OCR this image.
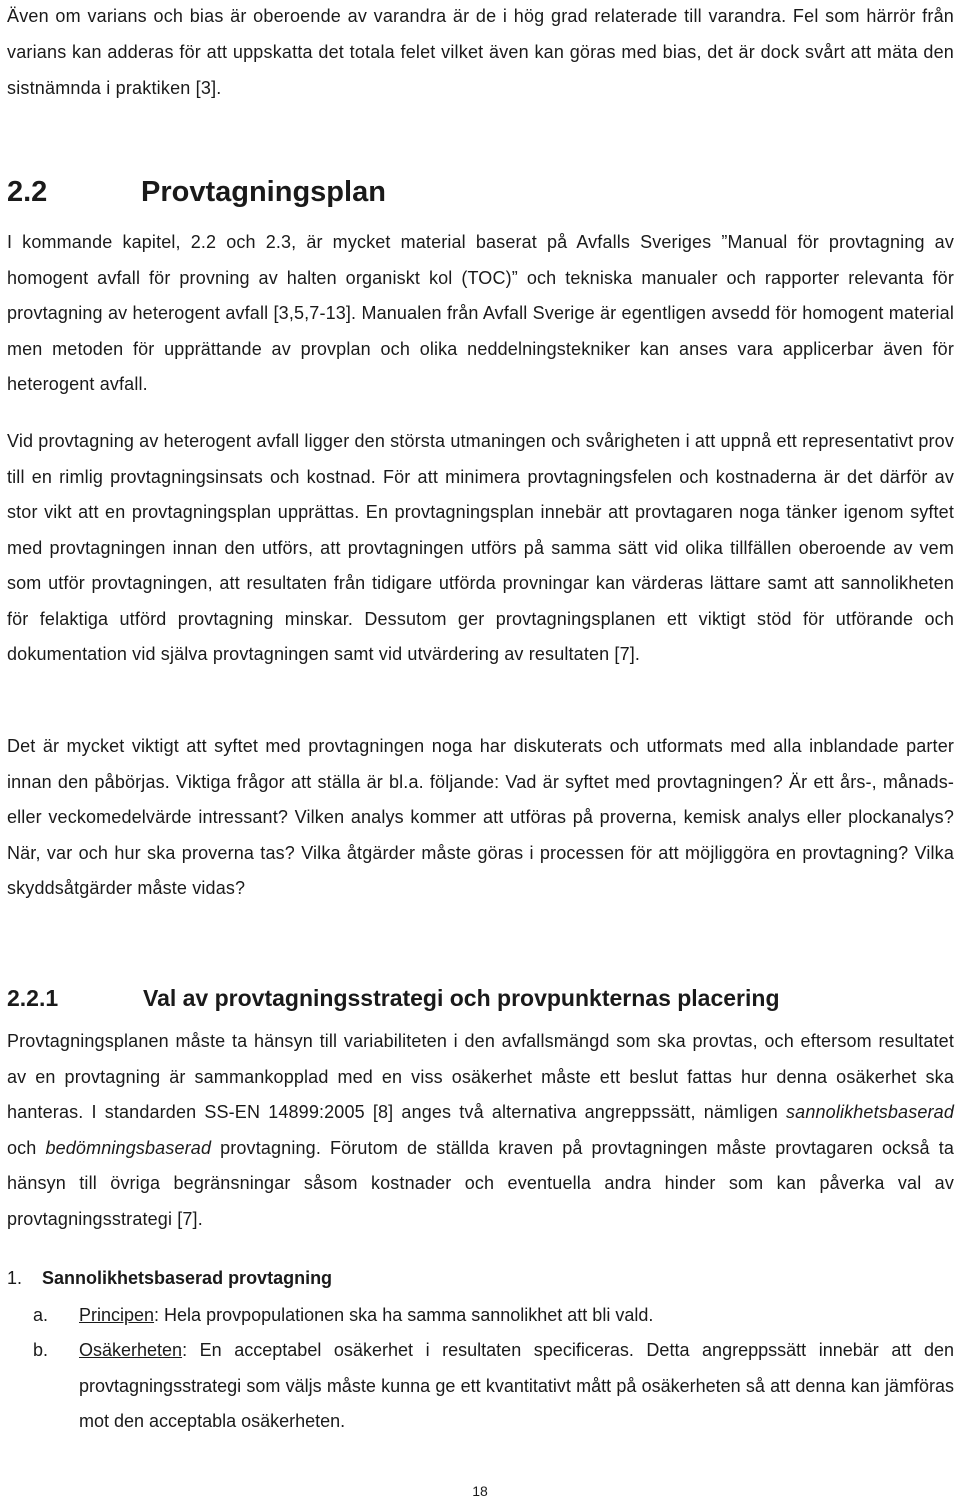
Även om varians och bias är oberoende av varandra är de i hög grad relaterade till varandra. Fel som härrör från varians kan adderas för att uppskatta det totala felet vilket även kan göras med bias, det är dock svårt att mäta den sistnämnda i praktiken [3].

2.2	Provtagningsplan

I kommande kapitel, 2.2 och 2.3, är mycket material baserat på Avfalls Sveriges ”Manual för provtagning av homogent avfall för provning av halten organiskt kol (TOC)” och tekniska manualer och rapporter relevanta för provtagning av heterogent avfall [3,5,7-13]. Manualen från Avfall Sverige är egentligen avsedd för homogent material men metoden för upprättande av provplan och olika neddelningstekniker kan anses vara applicerbar även för heterogent avfall.

Vid provtagning av heterogent avfall ligger den största utmaningen och svårigheten i att uppnå ett representativt prov till en rimlig provtagningsinsats och kostnad. För att minimera provtagningsfelen och kostnaderna är det därför av stor vikt att en provtagningsplan upprättas. En provtagningsplan innebär att provtagaren noga tänker igenom syftet med provtagningen innan den utförs, att provtagningen utförs på samma sätt vid olika tillfällen oberoende av vem som utför provtagningen, att resultaten från tidigare utförda provningar kan värderas lättare samt att sannolikheten för felaktiga utförd provtagning minskar. Dessutom ger provtagningsplanen ett viktigt stöd för utförande och dokumentation vid själva provtagningen samt vid utvärdering av resultaten [7].

Det är mycket viktigt att syftet med provtagningen noga har diskuterats och utformats med alla inblandade parter innan den påbörjas. Viktiga frågor att ställa är bl.a. följande: Vad är syftet med provtagningen? Är ett års-, månads- eller veckomedelvärde intressant? Vilken analys kommer att utföras på proverna, kemisk analys eller plockanalys? När, var och hur ska proverna tas? Vilka åtgärder måste göras i processen för att möjliggöra en provtagning? Vilka skyddsåtgärder måste vidas?

2.2.1	Val av provtagningsstrategi och provpunkternas placering

Provtagningsplanen måste ta hänsyn till variabiliteten i den avfallsmängd som ska provtas, och eftersom resultatet av en provtagning är sammankopplad med en viss osäkerhet måste ett beslut fattas hur denna osäkerhet ska hanteras. I standarden SS-EN 14899:2005 [8] anges två alternativa angreppssätt, nämligen sannolikhetsbaserad och bedömningsbaserad provtagning. Förutom de ställda kraven på provtagningen måste provtagaren också ta hänsyn till övriga begränsningar såsom kostnader och eventuella andra hinder som kan påverka val av provtagningsstrategi [7].

1. Sannolikhetsbaserad provtagning
a. Principen: Hela provpopulationen ska ha samma sannolikhet att bli vald.
b. Osäkerheten: En acceptabel osäkerhet i resultaten specificeras. Detta angreppssätt innebär att den provtagningsstrategi som väljs måste kunna ge ett kvantitativt mått på osäkerheten så att denna kan jämföras mot den acceptabla osäkerheten.
18
